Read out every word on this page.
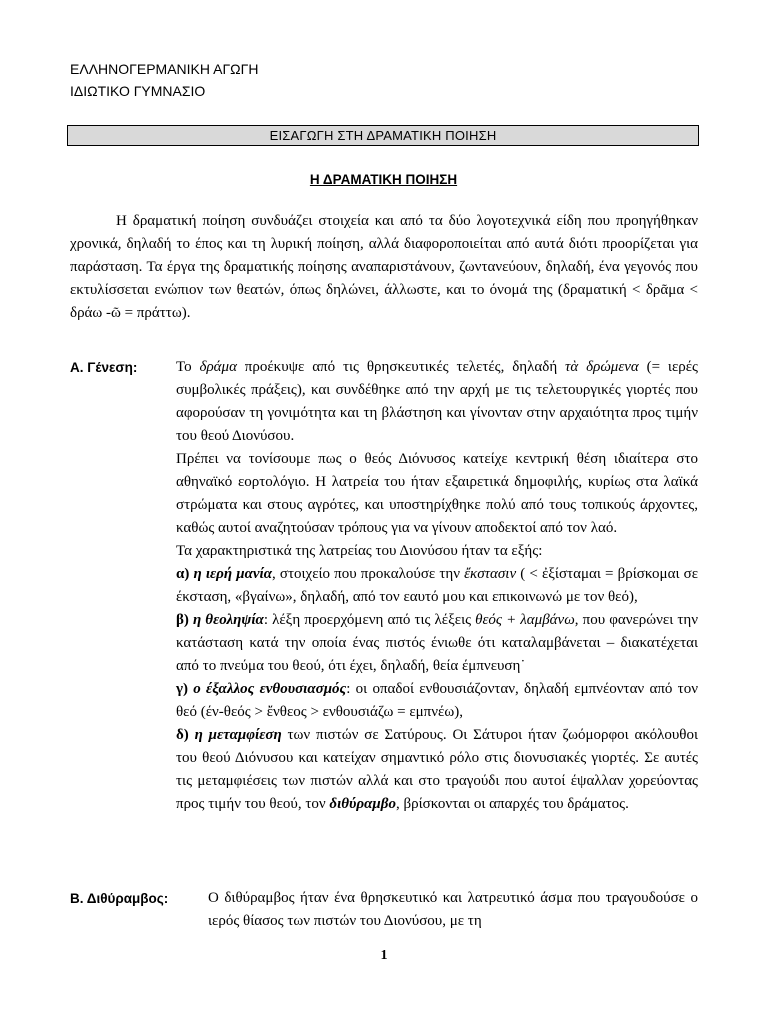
ΕΛΛΗΝΟΓΕΡΜΑΝΙΚΗ ΑΓΩΓΗ
ΙΔΙΩΤΙΚΟ ΓΥΜΝΑΣΙΟ
ΕΙΣΑΓΩΓΗ ΣΤΗ ΔΡΑΜΑΤΙΚΗ ΠΟΙΗΣΗ
Η ΔΡΑΜΑΤΙΚΗ ΠΟΙΗΣΗ

Η δραματική ποίηση συνδυάζει στοιχεία και από τα δύο λογοτεχνικά είδη που προηγήθηκαν χρονικά, δηλαδή το έπος και τη λυρική ποίηση, αλλά διαφοροποιείται από αυτά διότι προορίζεται για παράσταση. Τα έργα της δραματικής ποίησης αναπαριστάνουν, ζωντανεύουν, δηλαδή, ένα γεγονός που εκτυλίσσεται ενώπιον των θεατών, όπως δηλώνει, άλλωστε, και το όνομά της (δραματική < δρᾶμα < δράω -ῶ = πράττω).

Α. Γένεση:	Το δράμα προέκυψε από τις θρησκευτικές τελετές, δηλαδή τὰ δρώμενα (= ιερές συμβολικές πράξεις), και συνδέθηκε από την αρχή με τις τελετουργικές γιορτές που αφορούσαν τη γονιμότητα και τη βλάστηση και γίνονταν στην αρχαιότητα προς τιμήν του θεού Διονύσου.

Πρέπει να τονίσουμε πως ο θεός Διόνυσος κατείχε κεντρική θέση ιδιαίτερα στο αθηναϊκό εορτολόγιο. Η λατρεία του ήταν εξαιρετικά δημοφιλής, κυρίως στα λαϊκά στρώματα και στους αγρότες, και υποστηρίχθηκε πολύ από τους τοπικούς άρχοντες, καθώς αυτοί αναζητούσαν τρόπους για να γίνουν αποδεκτοί από τον λαό.

Τα χαρακτηριστικά της λατρείας του Διονύσου ήταν τα εξής:

α) η ιερή μανία, στοιχείο που προκαλούσε την ἔκστασιν ( < ἐξίσταμαι = βρίσκομαι σε έκσταση, «βγαίνω», δηλαδή, από τον εαυτό μου και επικοινωνώ με τον θεό),

β) η θεοληψία: λέξη προερχόμενη από τις λέξεις θεός + λαμβάνω, που φανερώνει την κατάσταση κατά την οποία ένας πιστός ένιωθε ότι καταλαμβάνεται – διακατέχεται από το πνεύμα του θεού, ότι έχει, δηλαδή, θεία έμπνευση˙

γ) ο έξαλλος ενθουσιασμός: οι οπαδοί ενθουσιάζονταν, δηλαδή εμπνέονταν από τον θεό (έν-θεός > ἔνθεος > ενθουσιάζω = εμπνέω),

δ) η μεταμφίεση των πιστών σε Σατύρους. Οι Σάτυροι ήταν ζωόμορφοι ακόλουθοι του θεού Διόνυσου και κατείχαν σημαντικό ρόλο στις διονυσιακές γιορτές. Σε αυτές τις μεταμφιέσεις των πιστών αλλά και στο τραγούδι που αυτοί έψαλλαν χορεύοντας προς τιμήν του θεού, τον διθύραμβο, βρίσκονται οι απαρχές του δράματος.

Β. Διθύραμβος:	Ο διθύραμβος ήταν ένα θρησκευτικό και λατρευτικό άσμα που τραγουδούσε ο ιερός θίασος των πιστών του Διονύσου, με τη

1
